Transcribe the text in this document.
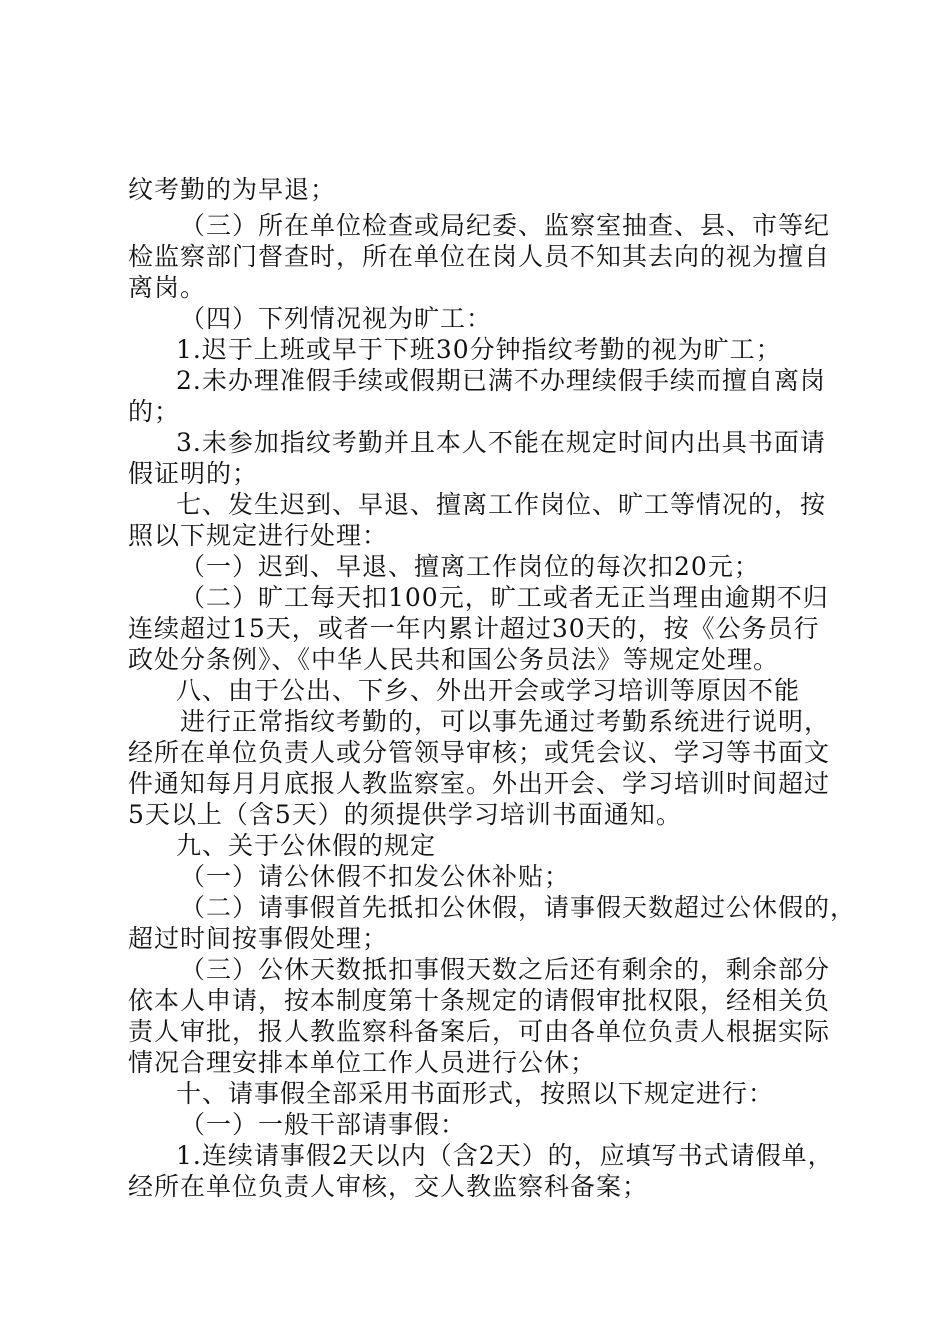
纹考勤的为早退；
（三）所在单位检查或局纪委、监察室抽查、县、市等纪
检监察部门督查时，所在单位在岗人员不知其去向的视为擅自
离岗。
（四）下列情况视为旷工：
1.迟于上班或早于下班30分钟指纹考勤的视为旷工；
2.未办理准假手续或假期已满不办理续假手续而擅自离岗
的；
3.未参加指纹考勤并且本人不能在规定时间内出具书面请
假证明的；
七、发生迟到、早退、擅离工作岗位、旷工等情况的，按
照以下规定进行处理：
（一）迟到、早退、擅离工作岗位的每次扣20元；
（二）旷工每天扣100元，旷工或者无正当理由逾期不归
连续超过15天，或者一年内累计超过30天的，按《公务员行
政处分条例》、《中华人民共和国公务员法》等规定处理。
八、由于公出、下乡、外出开会或学习培训等原因不能
进行正常指纹考勤的，可以事先通过考勤系统进行说明，
经所在单位负责人或分管领导审核；或凭会议、学习等书面文
件通知每月月底报人教监察室。外出开会、学习培训时间超过
5天以上（含5天）的须提供学习培训书面通知。
九、关于公休假的规定
（一）请公休假不扣发公休补贴；
（二）请事假首先抵扣公休假，请事假天数超过公休假的，
超过时间按事假处理；
（三）公休天数抵扣事假天数之后还有剩余的，剩余部分
依本人申请，按本制度第十条规定的请假审批权限，经相关负
责人审批，报人教监察科备案后，可由各单位负责人根据实际
情况合理安排本单位工作人员进行公休；
十、请事假全部采用书面形式，按照以下规定进行：
（一）一般干部请事假：
1.连续请事假2天以内（含2天）的，应填写书式请假单，
经所在单位负责人审核，交人教监察科备案；
